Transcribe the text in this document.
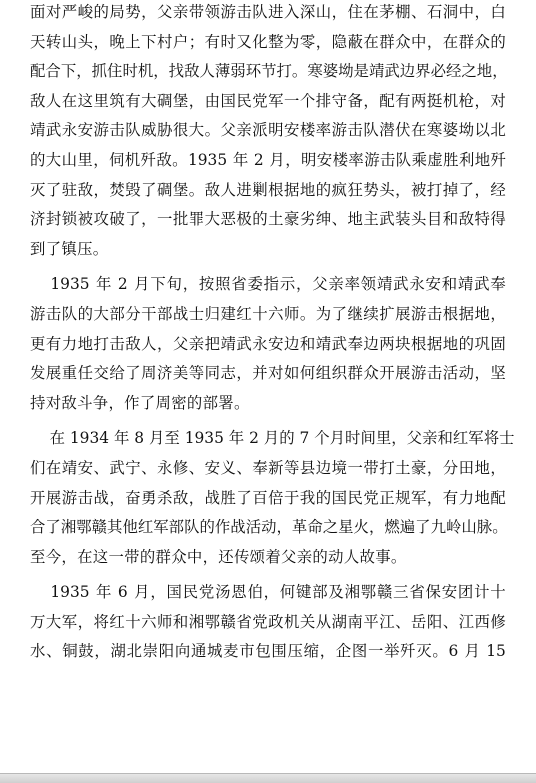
面 对 严 峻 的 局 势 ， 父 亲 带 领 游 击 队 进 入 深 山 ， 住 在 茅 棚 、 石 洞 中 ， 白
天 转 山 头 ， 晚 上 下 村 户 ； 有 时 又 化 整 为 零 ， 隐 蔽 在 群 众 中 ， 在 群 众 的
配 合 下 ， 抓 住 时 机 ， 找 敌 人 薄 弱 环 节 打 。 寒 婆 坳 是 靖 武 边 界 必 经 之 地 ，
敌 人 在 这 里 筑 有 大 碉 堡 ， 由 国 民 党 军 一 个 排 守 备 ， 配 有 两 挺 机 枪 ， 对
靖 武 永 安 游 击 队 威 胁 很 大 。 父 亲 派 明 安 楼 率 游 击 队 潜 伏 在 寒 婆 坳 以 北
的 大 山 里 ， 伺 机 歼 敌 。 1935
年
2
月 ， 明 安 楼 率 游 击 队 乘 虚 胜 利 地 歼
灭 了 驻 敌 ， 焚 毁 了 碉 堡 。 敌 人 进 剿 根 据 地 的 疯 狂 势 头 ， 被 打 掉 了 ， 经
济 封 锁 被 攻 破 了 ， 一 批 罪 大 恶 极 的 土 豪 劣 绅 、 地 主 武 装 头 目 和 敌 特 得
到了镇压。

1935
年
2
月 下 旬 ， 按 照 省 委 指 示 ， 父 亲 率 领 靖 武 永 安 和 靖 武 奉
游 击 队 的 大 部 分 干 部 战 士 归 建 红 十 六 师 。 为 了 继 续 扩 展 游 击 根 据 地 ，
更 有 力 地 打 击 敌 人 ， 父 亲 把 靖 武 永 安 边 和 靖 武 奉 边 两 块 根 据 地 的 巩 固
发 展 重 任 交 给 了 周 济 美 等 同 志 ， 并 对 如 何 组 织 群 众 开 展 游 击 活 动 ， 坚
持对敌斗争，作了周密的部署。

在
1934
年
8
月 至
1935
年
2
月 的
7
个 月 时 间 里 ， 父 亲 和 红 军 将 士
们 在 靖 安 、 武 宁 、 永 修 、 安 义 、 奉 新 等 县 边 境 一 带 打 土 豪 ， 分 田 地 ，
开 展 游 击 战 ， 奋 勇 杀 敌 ， 战 胜 了 百 倍 于 我 的 国 民 党 正 规 军 ， 有 力 地 配
合 了 湘 鄂 赣 其 他 红 军 部 队 的 作 战 活 动 ， 革 命 之 星 火 ， 燃 遍 了 九 岭 山 脉 。
至今，在这一带的群众中，还传颂着父亲的动人故事。

1935
年
6
月 ， 国 民 党 汤 恩 伯 ， 何 键 部 及 湘 鄂 赣 三 省 保 安 团 计 十
万 大 军 ， 将 红 十 六 师 和 湘 鄂 赣 省 党 政 机 关 从 湖 南 平 江 、 岳 阳 、 江 西 修
水 、 铜 鼓 ， 湖 北 崇 阳 向 通 城 麦 市 包 围 压 缩 ， 企 图 一 举 歼 灭 。 6
月
15
